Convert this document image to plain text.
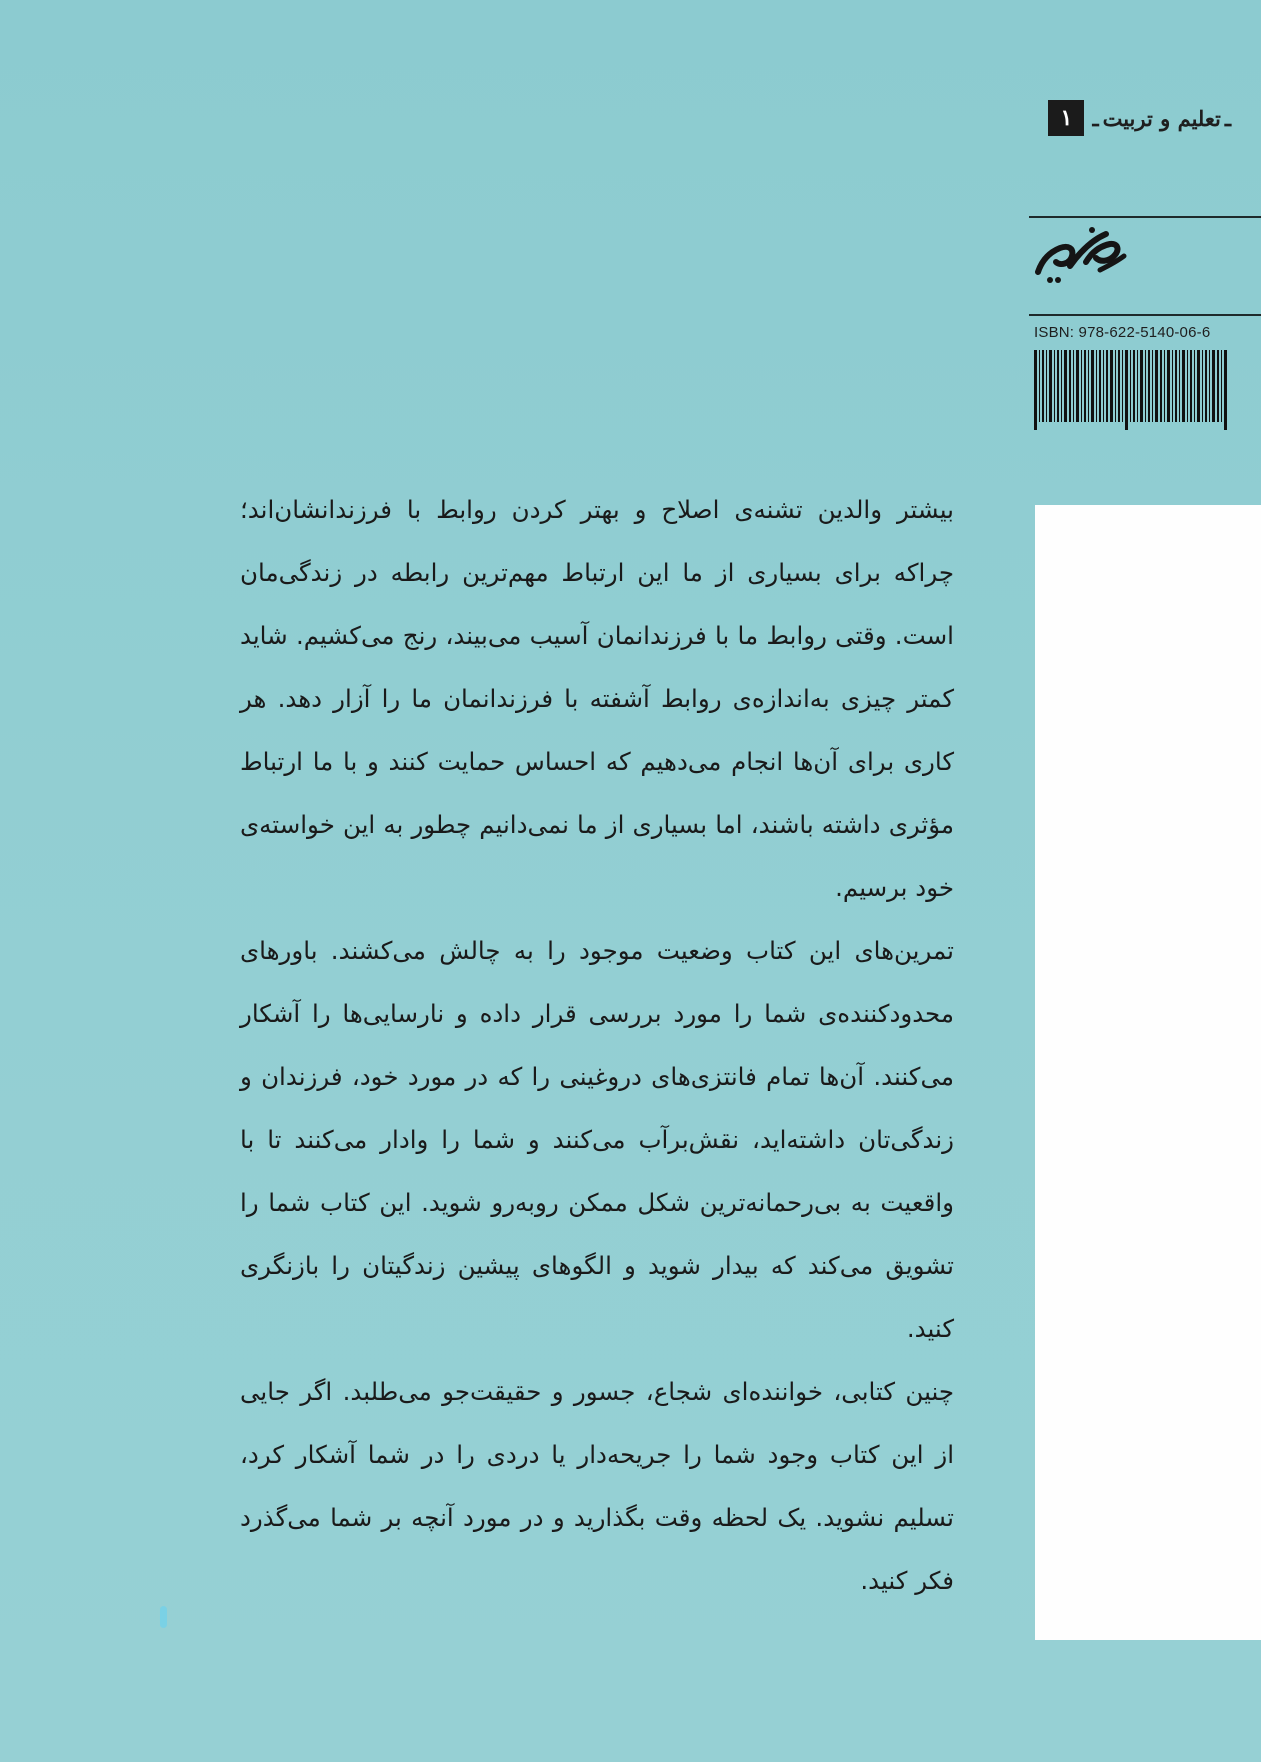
ـ
تعلیم و تربیت
ـ
۱
ISBN: 978-622-5140-06-6

بیشتر والدین تشنه‌ی اصلاح و بهتر کردن روابط با فرزندانشان‌اند؛ چراکه برای بسیاری از ما این ارتباط مهم‌ترین رابطه در زندگی‌مان است. وقتی روابط ما با فرزندانمان آسیب می‌بیند، رنج می‌کشیم. شاید کمتر چیزی به‌اندازه‌ی روابط آشفته با فرزندانمان ما را آزار دهد. هر کاری برای آن‌ها انجام می‌دهیم که احساس حمایت کنند و با ما ارتباط مؤثری داشته باشند، اما بسیاری از ما نمی‌دانیم چطور به این خواسته‌ی خود برسیم.

تمرین‌های این کتاب وضعیت موجود را به چالش می‌کشند. باورهای محدودکننده‌ی شما را مورد بررسی قرار داده و نارسایی‌ها را آشکار می‌کنند. آن‌ها تمام فانتزی‌های دروغینی را که در مورد خود، فرزندان و زندگی‌تان داشته‌اید، نقش‌برآب می‌کنند و شما را وادار می‌کنند تا با واقعیت به بی‌رحمانه‌ترین شکل ممکن روبه‌رو شوید. این کتاب شما را تشویق می‌کند که بیدار شوید و الگوهای پیشین زندگیتان را بازنگری کنید.

چنین کتابی، خواننده‌ای شجاع، جسور و حقیقت‌جو می‌طلبد. اگر جایی از این کتاب وجود شما را جریحه‌دار یا دردی را در شما آشکار کرد، تسلیم نشوید. یک لحظه وقت بگذارید و در مورد آنچه بر شما می‌گذرد فکر کنید.
